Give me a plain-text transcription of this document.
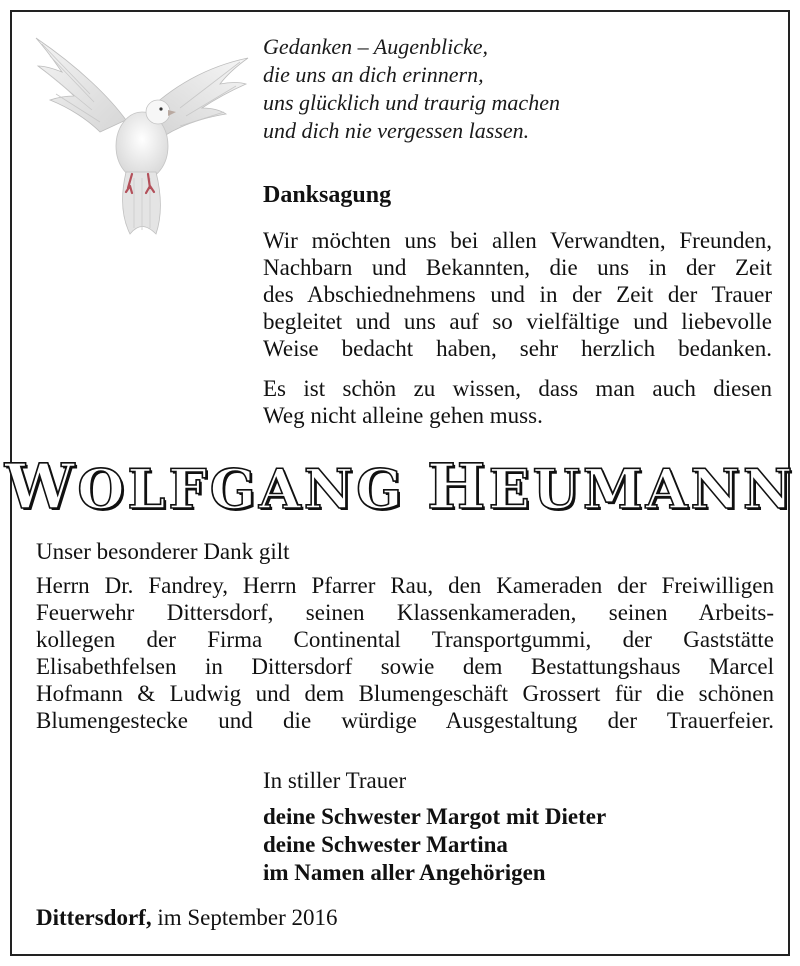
Gedanken – Augenblicke,
die uns an dich erinnern,
uns glücklich und traurig machen
und dich nie vergessen lassen.
Danksagung
Wir möchten uns bei allen Verwandten, Freunden,
Nachbarn und Bekannten, die uns in der Zeit
des Abschiednehmens und in der Zeit der Trauer
begleitet und uns auf so vielfältige und liebevolle
Weise bedacht haben, sehr herzlich bedanken.
Es ist schön zu wissen, dass man auch diesen
Weg nicht alleine gehen muss.
WOLFGANG HEUMANN
Unser besonderer Dank gilt
Herrn Dr. Fandrey, Herrn Pfarrer Rau, den Kameraden der Freiwilligen
Feuerwehr Dittersdorf, seinen Klassenkameraden, seinen Arbeits-
kollegen der Firma Continental Transportgummi, der Gaststätte
Elisabethfelsen in Dittersdorf sowie dem Bestattungshaus Marcel
Hofmann & Ludwig und dem Blumengeschäft Grossert für die schönen
Blumengestecke und die würdige Ausgestaltung der Trauerfeier.
In stiller Trauer
deine Schwester Margot mit Dieter
deine Schwester Martina
im Namen aller Angehörigen
Dittersdorf, im September 2016
